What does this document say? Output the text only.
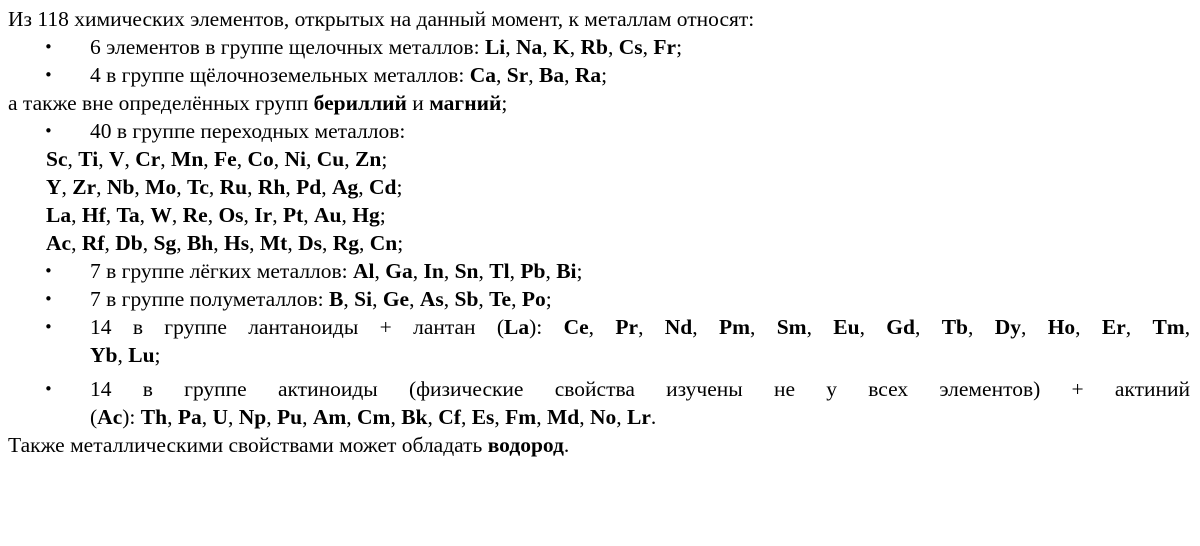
Из 118 химических элементов, открытых на данный момент, к металлам относят:
• 6 элементов в группе щелочных металлов: Li, Na, K, Rb, Cs, Fr;
• 4 в группе щёлочноземельных металлов: Ca, Sr, Ba, Ra;
а также вне определённых групп бериллий и магний;
• 40 в группе переходных металлов:
Sc, Ti, V, Cr, Mn, Fe, Co, Ni, Cu, Zn;
Y, Zr, Nb, Mo, Tc, Ru, Rh, Pd, Ag, Cd;
La, Hf, Ta, W, Re, Os, Ir, Pt, Au, Hg;
Ac, Rf, Db, Sg, Bh, Hs, Mt, Ds, Rg, Cn;
• 7 в группе лёгких металлов: Al, Ga, In, Sn, Tl, Pb, Bi;
• 7 в группе полуметаллов: B, Si, Ge, As, Sb, Te, Po;
• 14 в группе лантаноиды + лантан (La): Ce, Pr, Nd, Pm, Sm, Eu, Gd, Tb, Dy, Ho, Er, Tm,
Yb, Lu;
• 14 в группе актиноиды (физические свойства изучены не у всех элементов) + актиний
(Ac): Th, Pa, U, Np, Pu, Am, Cm, Bk, Cf, Es, Fm, Md, No, Lr.
Также металлическими свойствами может обладать водород.
